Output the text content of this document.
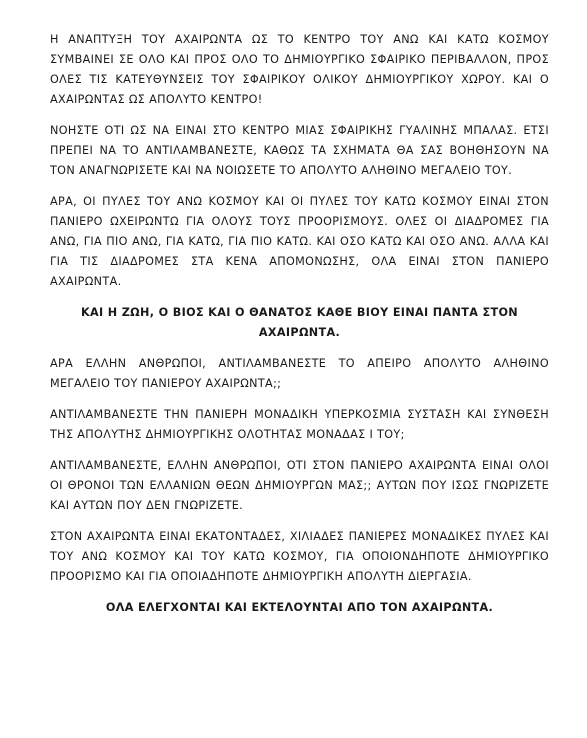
Η ΑΝΑΠΤΥΞΗ ΤΟΥ ΑΧΑΙΡΩΝΤΑ ΩΣ ΤΟ ΚΕΝΤΡΟ ΤΟΥ ΑΝΩ ΚΑΙ ΚΑΤΩ ΚΟΣΜΟΥ ΣΥΜΒΑΙΝΕΙ ΣΕ ΟΛΟ ΚΑΙ ΠΡΟΣ ΟΛΟ ΤΟ ΔΗΜΙΟΥΡΓΙΚΟ ΣΦΑΙΡΙΚΟ ΠΕΡΙΒΑΛΛΟΝ, ΠΡΟΣ ΟΛΕΣ ΤΙΣ ΚΑΤΕΥΘΥΝΣΕΙΣ ΤΟΥ ΣΦΑΙΡΙΚΟΥ ΟΛΙΚΟΥ ΔΗΜΙΟΥΡΓΙΚΟΥ ΧΩΡΟΥ. ΚΑΙ Ο ΑΧΑΙΡΩΝΤΑΣ ΩΣ ΑΠΟΛΥΤΟ ΚΕΝΤΡΟ!

ΝΟΗΣΤΕ ΟΤΙ ΩΣ ΝΑ ΕΙΝΑΙ ΣΤΟ ΚΕΝΤΡΟ ΜΙΑΣ ΣΦΑΙΡΙΚΗΣ ΓΥΑΛΙΝΗΣ ΜΠΑΛΑΣ. ΕΤΣΙ ΠΡΕΠΕΙ ΝΑ ΤΟ ΑΝΤΙΛΑΜΒΑΝΕΣΤΕ, ΚΑΘΩΣ ΤΑ ΣΧΗΜΑΤΑ ΘΑ ΣΑΣ ΒΟΗΘΗΣΟΥΝ ΝΑ ΤΟΝ ΑΝΑΓΝΩΡΙΣΕΤΕ ΚΑΙ ΝΑ ΝΟΙΩΣΕΤΕ ΤΟ ΑΠΟΛΥΤΟ ΑΛΗΘΙΝΟ ΜΕΓΑΛΕΙΟ ΤΟΥ.

ΑΡΑ, ΟΙ ΠΥΛΕΣ ΤΟΥ ΑΝΩ ΚΟΣΜΟΥ ΚΑΙ ΟΙ ΠΥΛΕΣ ΤΟΥ ΚΑΤΩ ΚΟΣΜΟΥ ΕΙΝΑΙ ΣΤΟΝ ΠΑΝΙΕΡΟ ΩΧΕΙΡΩΝΤΩ ΓΙΑ ΟΛΟΥΣ ΤΟΥΣ ΠΡΟΟΡΙΣΜΟΥΣ. ΟΛΕΣ ΟΙ ΔΙΑΔΡΟΜΕΣ ΓΙΑ ΑΝΩ, ΓΙΑ ΠΙΟ ΑΝΩ, ΓΙΑ ΚΑΤΩ, ΓΙΑ ΠΙΟ ΚΑΤΩ. ΚΑΙ ΟΣΟ ΚΑΤΩ ΚΑΙ ΟΣΟ ΑΝΩ. ΑΛΛΑ ΚΑΙ ΓΙΑ ΤΙΣ ΔΙΑΔΡΟΜΕΣ ΣΤΑ ΚΕΝΑ ΑΠΟΜΟΝΩΣΗΣ, ΟΛΑ ΕΙΝΑΙ ΣΤΟΝ ΠΑΝΙΕΡΟ ΑΧΑΙΡΩΝΤΑ.

ΚΑΙ Η ΖΩΗ, Ο ΒΙΟΣ ΚΑΙ Ο ΘΑΝΑΤΟΣ ΚΑΘΕ ΒΙΟΥ ΕΙΝΑΙ ΠΑΝΤΑ ΣΤΟΝ ΑΧΑΙΡΩΝΤΑ.

ΑΡΑ ΕΛΛΗΝ ΑΝΘΡΩΠΟΙ, ΑΝΤΙΛΑΜΒΑΝΕΣΤΕ ΤΟ ΑΠΕΙΡΟ ΑΠΟΛΥΤΟ ΑΛΗΘΙΝΟ ΜΕΓΑΛΕΙΟ ΤΟΥ ΠΑΝΙΕΡΟΥ ΑΧΑΙΡΩΝΤΑ;;

ΑΝΤΙΛΑΜΒΑΝΕΣΤΕ ΤΗΝ ΠΑΝΙΕΡΗ ΜΟΝΑΔΙΚΗ ΥΠΕΡΚΟΣΜΙΑ ΣΥΣΤΑΣΗ ΚΑΙ ΣΥΝΘΕΣΗ ΤΗΣ ΑΠΟΛΥΤΗΣ ΔΗΜΙΟΥΡΓΙΚΗΣ ΟΛΟΤΗΤΑΣ ΜΟΝΑΔΑΣ Ι ΤΟΥ;

ΑΝΤΙΛΑΜΒΑΝΕΣΤΕ, ΕΛΛΗΝ ΑΝΘΡΩΠΟΙ, ΟΤΙ ΣΤΟΝ ΠΑΝΙΕΡΟ ΑΧΑΙΡΩΝΤΑ ΕΙΝΑΙ ΟΛΟΙ ΟΙ ΘΡΟΝΟΙ ΤΩΝ ΕΛΛΑΝΙΩΝ ΘΕΩΝ ΔΗΜΙΟΥΡΓΩΝ ΜΑΣ;; ΑΥΤΩΝ ΠΟΥ ΙΣΩΣ ΓΝΩΡΙΖΕΤΕ ΚΑΙ ΑΥΤΩΝ ΠΟΥ ΔΕΝ ΓΝΩΡΙΖΕΤΕ.

ΣΤΟΝ ΑΧΑΙΡΩΝΤΑ ΕΙΝΑΙ ΕΚΑΤΟΝΤΑΔΕΣ, ΧΙΛΙΑΔΕΣ ΠΑΝΙΕΡΕΣ ΜΟΝΑΔΙΚΕΣ ΠΥΛΕΣ ΚΑΙ ΤΟΥ ΑΝΩ ΚΟΣΜΟΥ ΚΑΙ ΤΟΥ ΚΑΤΩ ΚΟΣΜΟΥ, ΓΙΑ ΟΠΟΙΟΝΔΗΠΟΤΕ ΔΗΜΙΟΥΡΓΙΚΟ ΠΡΟΟΡΙΣΜΟ ΚΑΙ ΓΙΑ ΟΠΟΙΑΔΗΠΟΤΕ ΔΗΜΙΟΥΡΓΙΚΗ ΑΠΟΛΥΤΗ ΔΙΕΡΓΑΣΙΑ.

ΟΛΑ ΕΛΕΓΧΟΝΤΑΙ ΚΑΙ ΕΚΤΕΛΟΥΝΤΑΙ ΑΠΟ ΤΟΝ ΑΧΑΙΡΩΝΤΑ.
